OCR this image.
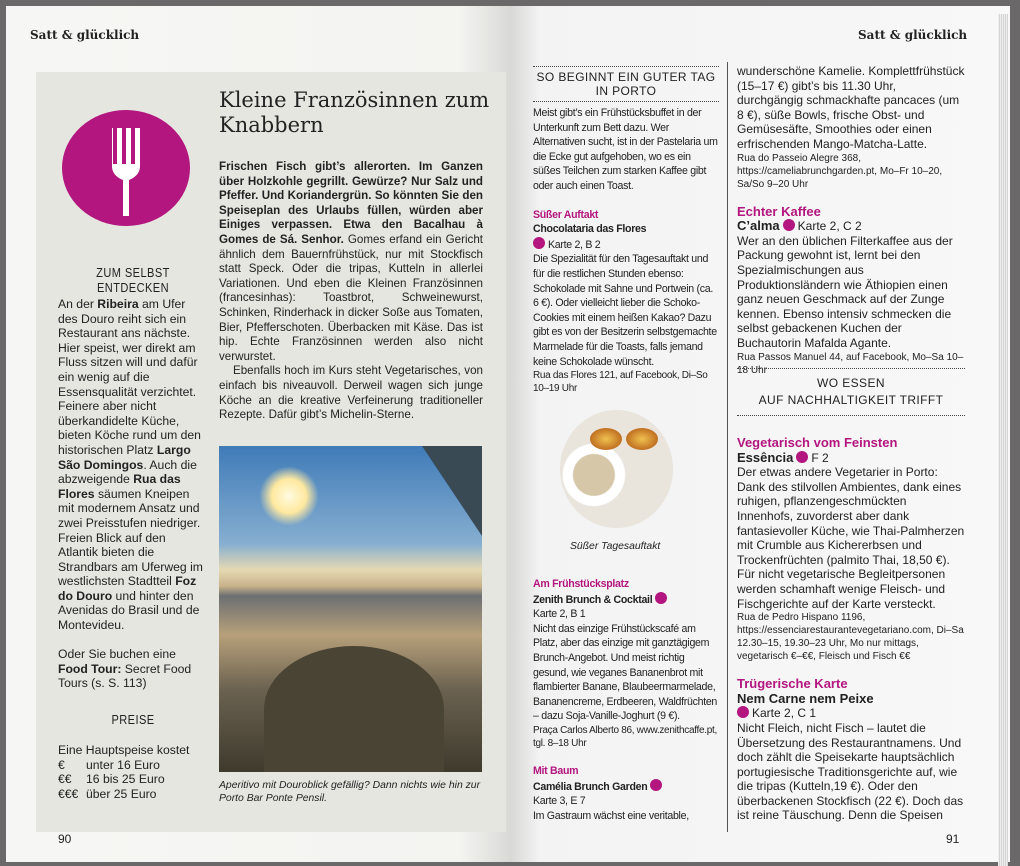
Satt & glücklich	Satt & glücklich
90	91
ZUM SELBST ENTDECKEN
An der Ribeira am Ufer des Douro reiht sich ein Restaurant ans nächste. Hier speist, wer direkt am Fluss sitzen will und dafür ein wenig auf die Essensqualität verzichtet. Feinere aber nicht überkandidelte Küche, bieten Köche rund um den historischen Platz Largo São Domingos. Auch die abzweigende Rua das Flores säumen Kneipen mit modernem Ansatz und zwei Preisstufen niedriger. Freien Blick auf den Atlantik bieten die Strandbars am Uferweg im westlichsten Stadtteil Foz do Douro und hinter den Avenidas do Brasil und de Montevideu.

Oder Sie buchen eine Food Tour: Secret Food Tours (s. S. 113)
PREISE
Eine Hauptspeise kostet
€ unter 16 Euro
€€ 16 bis 25 Euro
€€€ über 25 Euro
Kleine Französinnen zum Knabbern
Frischen Fisch gibt’s allerorten. Im Ganzen über Holzkohle gegrillt. Gewürze? Nur Salz und Pfeffer. Und Koriandergrün. So könnten Sie den Speiseplan des Urlaubs füllen, würden aber Einiges verpassen. Etwa den Bacalhau à Gomes de Sá. Senhor. Gomes erfand ein Gericht ähnlich dem Bauernfrühstück, nur mit Stockfisch statt Speck. Oder die tripas, Kutteln in allerlei Variationen. Und eben die Kleinen Französinnen (francesinhas): Toastbrot, Schweinewurst, Schinken, Rinderhack in dicker Soße aus Tomaten, Bier, Pfefferschoten. Überbacken mit Käse. Das ist hip. Echte Französinnen werden also nicht verwurstet.
Ebenfalls hoch im Kurs steht Vegetarisches, von einfach bis niveauvoll. Derweil wagen sich junge Köche an die kreative Verfeinerung traditioneller Rezepte. Dafür gibt’s Michelin-Sterne.
Aperitivo mit Douroblick gefällig? Dann nichts wie hin zur Porto Bar Ponte Pensil.
SO BEGINNT EIN GUTER TAG IN PORTO
Meist gibt’s ein Frühstücksbuffet in der Unterkunft zum Bett dazu. Wer Alternativen sucht, ist in der Pastelaria um die Ecke gut aufgehoben, wo es ein süßes Teilchen zum starken Kaffee gibt oder auch einen Toast.
Süßer Auftakt
Chocolataria das Flores
Karte 2, B 2
Die Spezialität für den Tagesauftakt und für die restlichen Stunden ebenso: Schokolade mit Sahne und Portwein (ca. 6 €). Oder vielleicht lieber die Schoko-Cookies mit einem heißen Kakao? Dazu gibt es von der Besitzerin selbstgemachte Marmelade für die Toasts, falls jemand keine Schokolade wünscht.
Rua das Flores 121, auf Facebook, Di–So 10–19 Uhr
Süßer Tagesauftakt
Am Frühstücksplatz
Zenith Brunch & Cocktail
Karte 2, B 1
Nicht das einzige Frühstückscafé am Platz, aber das einzige mit ganztägigem Brunch-Angebot. Und meist richtig gesund, wie veganes Bananenbrot mit flambierter Banane, Blaubeermarmelade, Bananencreme, Erdbeeren, Waldfrüchten – dazu Soja-Vanille-Joghurt (9 €).
Praça Carlos Alberto 86, www.zenithcaffe.pt, tgl. 8–18 Uhr
Mit Baum
Camélia Brunch Garden
Karte 3, E 7
Im Gastraum wächst eine veritable,
wunderschöne Kamelie. Komplettfrühstück (15–17 €) gibt’s bis 11.30 Uhr, durchgängig schmackhafte pancaces (um 8 €), süße Bowls, frische Obst- und Gemüsesäfte, Smoothies oder einen erfrischenden Mango-Matcha-Latte.
Rua do Passeio Alegre 368, https://cameliabrunchgarden.pt, Mo–Fr 10–20, Sa/So 9–20 Uhr
Echter Kaffee
C’alma Karte 2, C 2
Wer an den üblichen Filterkaffee aus der Packung gewohnt ist, lernt bei den Spezialmischungen aus Produktionsländern wie Äthiopien einen ganz neuen Geschmack auf der Zunge kennen. Ebenso intensiv schmecken die selbst gebackenen Kuchen der Buchautorin Mafalda Agante.
Rua Passos Manuel 44, auf Facebook, Mo–Sa 10–18 Uhr
WO ESSEN
AUF NACHHALTIGKEIT TRIFFT
Vegetarisch vom Feinsten
Essência F 2
Der etwas andere Vegetarier in Porto: Dank des stilvollen Ambientes, dank eines ruhigen, pflanzengeschmückten Innenhofs, zuvorderst aber dank fantasievoller Küche, wie Thai-Palmherzen mit Crumble aus Kichererbsen und Trockenfrüchten (palmito Thai, 18,50 €). Für nicht vegetarische Begleitpersonen werden schamhaft wenige Fleisch- und Fischgerichte auf der Karte versteckt.
Rua de Pedro Hispano 1196, https://essenciarestaurantevegetariano.com, Di–Sa 12.30–15, 19.30–23 Uhr, Mo nur mittags, vegetarisch €–€€, Fleisch und Fisch €€
Trügerische Karte
Nem Carne nem Peixe
Karte 2, C 1
Nicht Fleich, nicht Fisch – lautet die Übersetzung des Restaurantnamens. Und doch zählt die Speisekarte hauptsächlich portugiesische Traditionsgerichte auf, wie die tripas (Kutteln,19 €). Oder den überbackenen Stockfisch (22 €). Doch das ist reine Täuschung. Denn die Speisen
